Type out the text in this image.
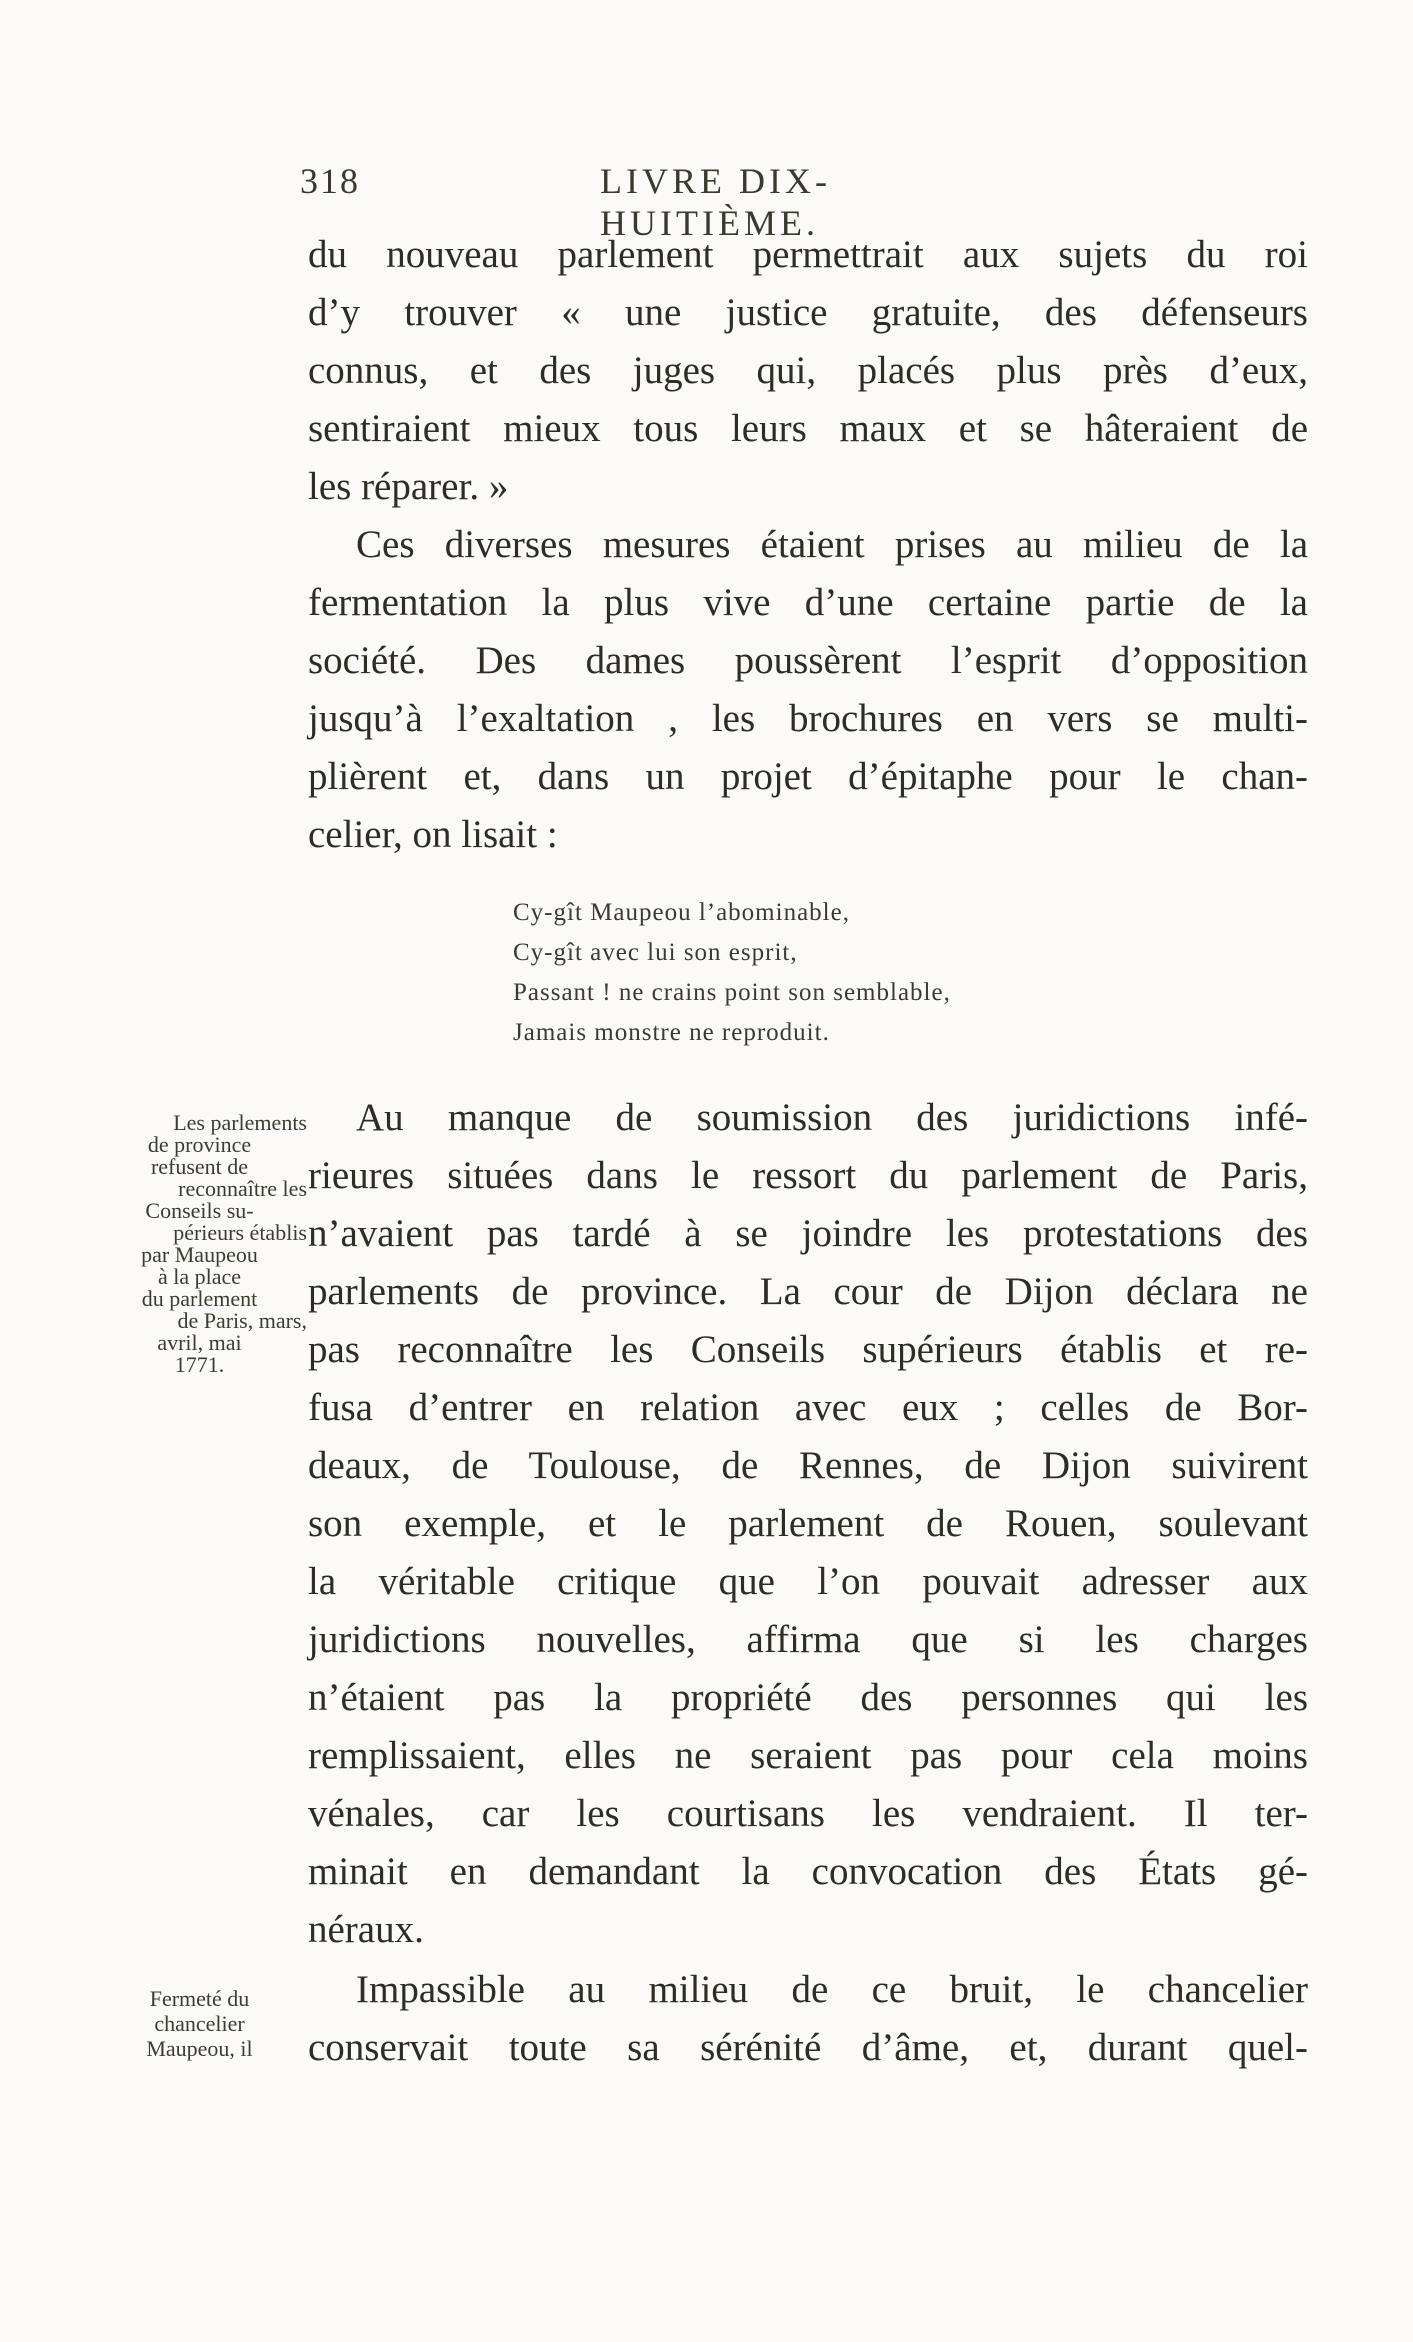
318	LIVRE DIX-HUITIÈME.
du nouveau parlement permettrait aux sujets du roi
d’y trouver « une justice gratuite, des défenseurs
connus, et des juges qui, placés plus près d’eux,
sentiraient mieux tous leurs maux et se hâteraient de
les réparer. »
Ces diverses mesures étaient prises au milieu de la
fermentation la plus vive d’une certaine partie de la
société. Des dames poussèrent l’esprit d’opposition
jusqu’à l’exaltation , les brochures en vers se multi-
plièrent et, dans un projet d’épitaphe pour le chan-
celier, on lisait :
Cy-gît Maupeou l’abominable,
Cy-gît avec lui son esprit,
Passant ! ne crains point son semblable,
Jamais monstre ne reproduit.
Les parlements
de province
refusent de
reconnaître les
Conseils su-
périeurs établis
par Maupeou
à la place
du parlement
de Paris, mars,
avril, mai
1771.
Au manque de soumission des juridictions infé-
rieures situées dans le ressort du parlement de Paris,
n’avaient pas tardé à se joindre les protestations des
parlements de province. La cour de Dijon déclara ne
pas reconnaître les Conseils supérieurs établis et re-
fusa d’entrer en relation avec eux ; celles de Bor-
deaux, de Toulouse, de Rennes, de Dijon suivirent
son exemple, et le parlement de Rouen, soulevant
la véritable critique que l’on pouvait adresser aux
juridictions nouvelles, affirma que si les charges
n’étaient pas la propriété des personnes qui les
remplissaient, elles ne seraient pas pour cela moins
vénales, car les courtisans les vendraient. Il ter-
minait en demandant la convocation des États gé-
néraux.
Fermeté du
chancelier
Maupeou, il
Impassible au milieu de ce bruit, le chancelier
conservait toute sa sérénité d’âme, et, durant quel-
